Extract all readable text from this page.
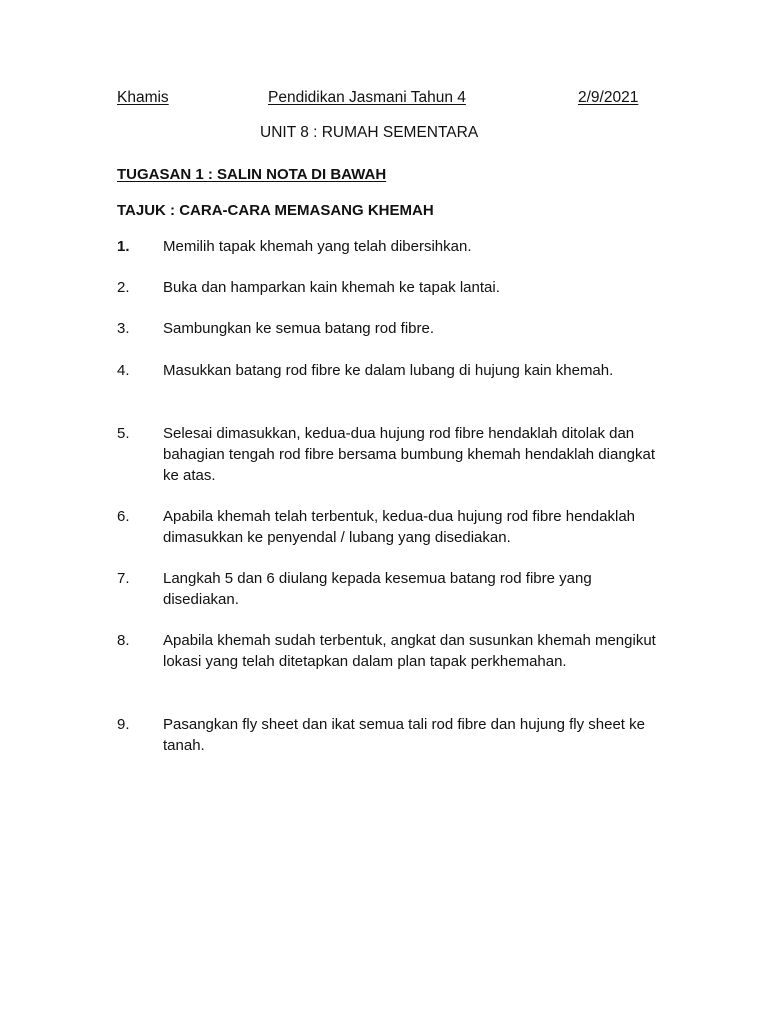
Khamis	Pendidikan Jasmani Tahun 4	2/9/2021
UNIT 8 : RUMAH SEMENTARA
TUGASAN 1 : SALIN NOTA DI BAWAH
TAJUK : CARA-CARA MEMASANG KHEMAH
1.	Memilih tapak khemah yang telah dibersihkan.
2.	Buka dan hamparkan kain khemah ke tapak lantai.
3.	Sambungkan ke semua batang rod fibre.
4.	Masukkan batang rod fibre ke dalam lubang di hujung kain khemah.
5.	Selesai dimasukkan, kedua-dua hujung rod fibre hendaklah ditolak dan bahagian tengah rod fibre bersama bumbung khemah hendaklah diangkat ke atas.
6.	Apabila khemah telah terbentuk, kedua-dua hujung rod fibre hendaklah dimasukkan ke penyendal / lubang yang disediakan.
7.	Langkah 5 dan 6 diulang kepada kesemua batang rod fibre yang disediakan.
8.	Apabila khemah sudah terbentuk, angkat dan susunkan khemah mengikut lokasi yang telah ditetapkan dalam plan tapak perkhemahan.
9.	Pasangkan fly sheet dan ikat semua tali rod fibre dan hujung fly sheet ke tanah.
